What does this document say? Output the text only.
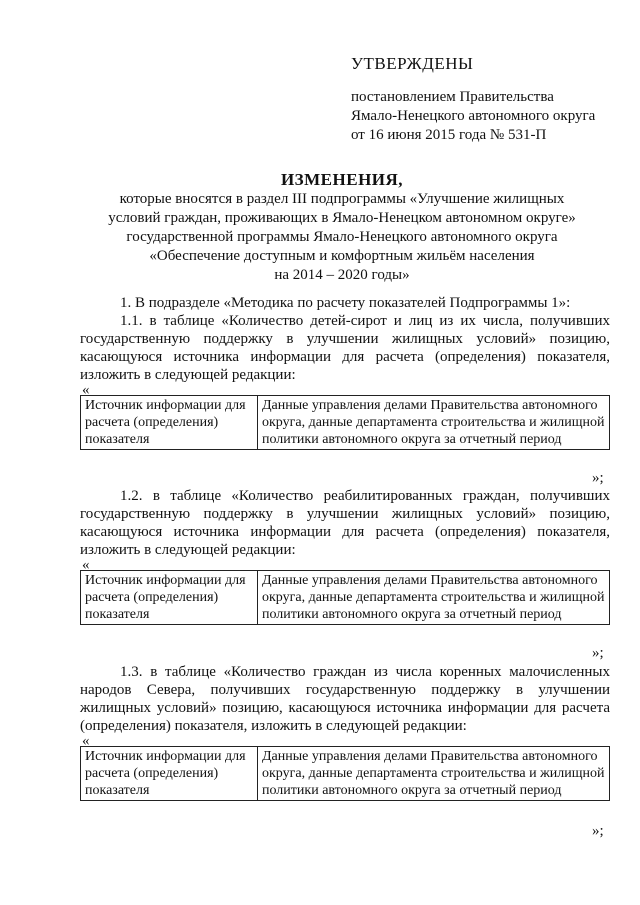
УТВЕРЖДЕНЫ
постановлением Правительства
Ямало-Ненецкого автономного округа
от 16 июня 2015 года № 531-П
ИЗМЕНЕНИЯ,
которые вносятся в раздел III подпрограммы «Улучшение жилищных
условий граждан, проживающих в Ямало-Ненецком автономном округе»
государственной программы Ямало-Ненецкого автономного округа
«Обеспечение доступным и комфортным жильём населения
на 2014 – 2020 годы»
1. В подразделе «Методика по расчету показателей Подпрограммы 1»:
1.1. в таблице «Количество детей-сирот и лиц из их числа, получивших государственную поддержку в улучшении жилищных условий» позицию, касающуюся источника информации для расчета (определения) показателя, изложить в следующей редакции:
«
Источник информации для расчета (определения) показателя	Данные управления делами Правительства автономного округа, данные департамента строительства и жилищной политики автономного округа за отчетный период
»;
1.2. в таблице «Количество реабилитированных граждан, получивших государственную поддержку в улучшении жилищных условий» позицию, касающуюся источника информации для расчета (определения) показателя, изложить в следующей редакции:
«
Источник информации для расчета (определения) показателя	Данные управления делами Правительства автономного округа, данные департамента строительства и жилищной политики автономного округа за отчетный период
»;
1.3. в таблице «Количество граждан из числа коренных малочисленных народов Севера, получивших государственную поддержку в улучшении жилищных условий» позицию, касающуюся источника информации для расчета (определения) показателя, изложить в следующей редакции:
«
Источник информации для расчета (определения) показателя	Данные управления делами Правительства автономного округа, данные департамента строительства и жилищной политики автономного округа за отчетный период
»;
